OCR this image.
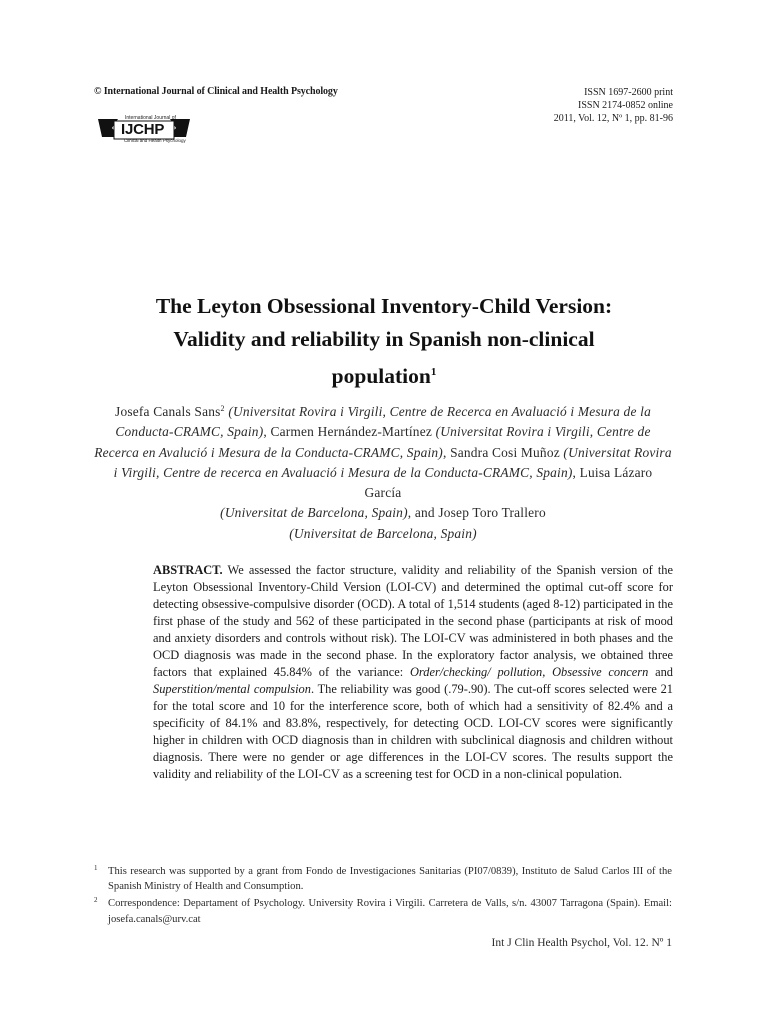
© International Journal of Clinical and Health Psychology	ISSN 1697-2600 print
ISSN 2174-0852 online
2011, Vol. 12, Nº 1, pp. 81-96
International Journal of
IJCHP
Clinical and Health Psychology
The Leyton Obsessional Inventory-Child Version:
Validity and reliability in Spanish non-clinical
population$^1$
Josefa Canals Sans$^2$ (Universitat Rovira i Virgili, Centre de Recerca en Avaluació i Mesura de la Conducta-CRAMC, Spain), Carmen Hernández-Martínez (Universitat Rovira i Virgili, Centre de Recerca en Avalució i Mesura de la Conducta-CRAMC, Spain), Sandra Cosi Muñoz (Universitat Rovira i Virgili, Centre de recerca en Avaluació i Mesura de la Conducta-CRAMC, Spain), Luisa Lázaro García
(Universitat de Barcelona, Spain), and Josep Toro Trallero
(Universitat de Barcelona, Spain)
ABSTRACT. We assessed the factor structure, validity and reliability of the Spanish version of the Leyton Obsessional Inventory-Child Version (LOI-CV) and determined the optimal cut-off score for detecting obsessive-compulsive disorder (OCD). A total of 1,514 students (aged 8-12) participated in the first phase of the study and 562 of these participated in the second phase (participants at risk of mood and anxiety disorders and controls without risk). The LOI-CV was administered in both phases and the OCD diagnosis was made in the second phase. In the exploratory factor analysis, we obtained three factors that explained 45.84% of the variance: Order/checking/ pollution, Obsessive concern and Superstition/mental compulsion. The reliability was good (.79-.90). The cut-off scores selected were 21 for the total score and 10 for the interference score, both of which had a sensitivity of 82.4% and a specificity of 84.1% and 83.8%, respectively, for detecting OCD. LOI-CV scores were significantly higher in children with OCD diagnosis than in children with subclinical diagnosis and children without diagnosis. There were no gender or age differences in the LOI-CV scores. The results support the validity and reliability of the LOI-CV as a screening test for OCD in a non-clinical population.
1 This research was supported by a grant from Fondo de Investigaciones Sanitarias (PI07/0839), Instituto de Salud Carlos III of the Spanish Ministry of Health and Consumption.
2 Correspondence: Departament of Psychology. University Rovira i Virgili. Carretera de Valls, s/n. 43007 Tarragona (Spain). Email: josefa.canals@urv.cat
Int J Clin Health Psychol, Vol. 12. Nº 1
